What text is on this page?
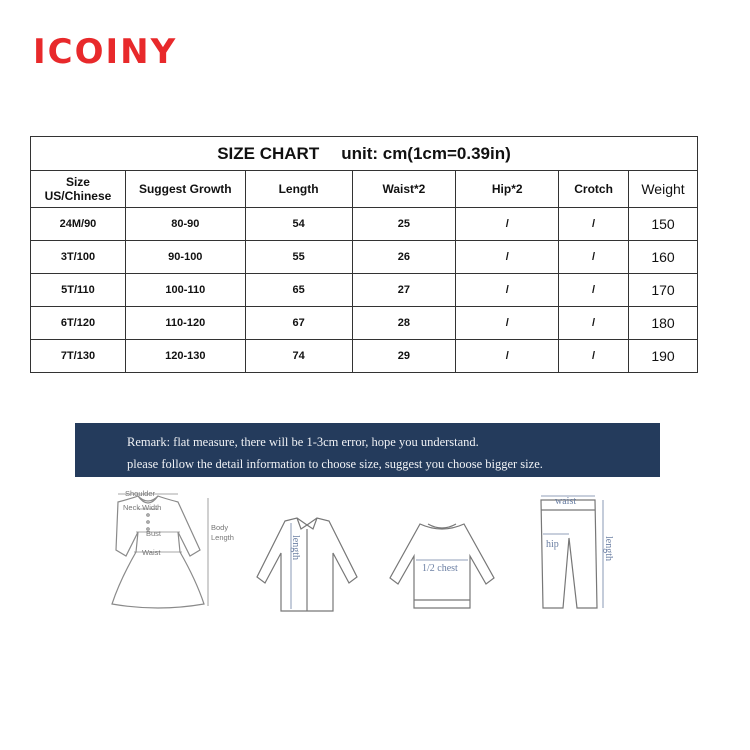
ICOINY
SIZE CHART unit: cm(1cm=0.39in)						
Size
US/Chinese	Suggest Growth	Length	Waist*2	Hip*2	Crotch	Weight
24M/90	80-90	54	25	/	/	150
3T/100	90-100	55	26	/	/	160
5T/110	100-110	65	27	/	/	170
6T/120	110-120	67	28	/	/	180
7T/130	120-130	74	29	/	/	190
Remark: flat measure, there will be 1-3cm error, hope you understand.
please follow the detail information to choose size, suggest you choose bigger size.
Shoulder
Neck Width
Bust
Waist
Body
Length	length
1/2 chest
waist
hip	length
